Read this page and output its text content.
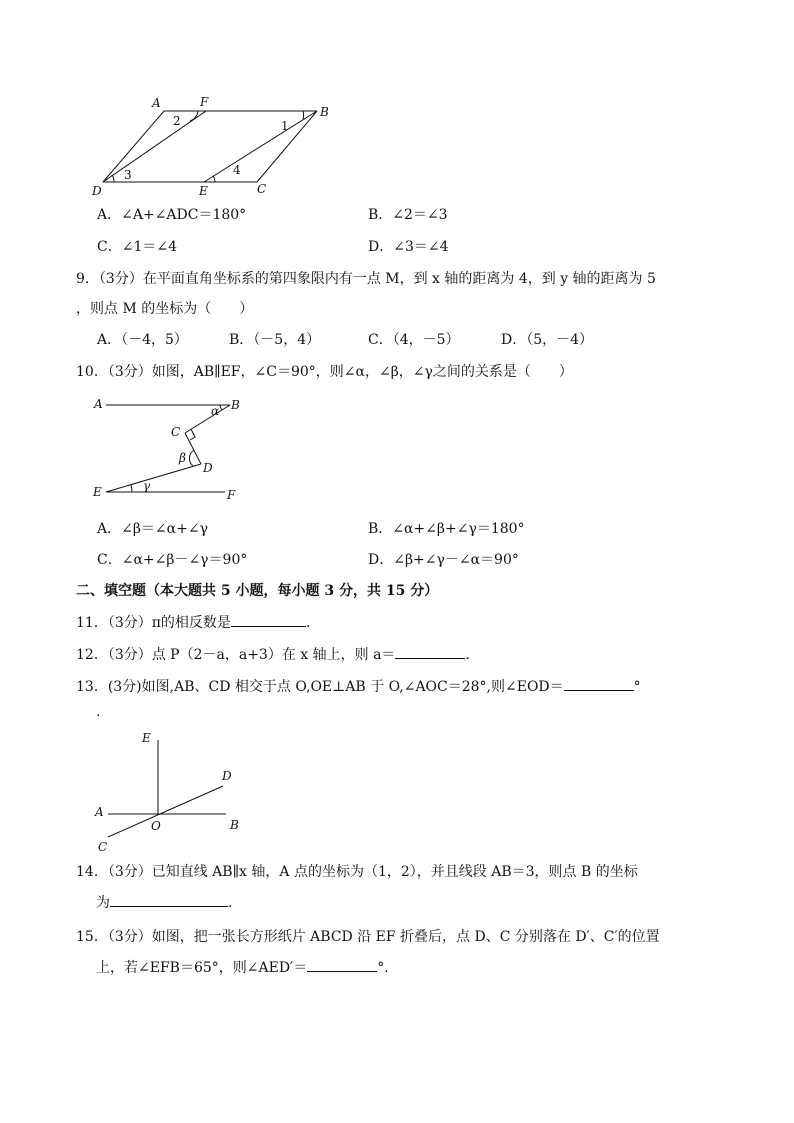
A	F
B
D	E	C
2	1
3	4
A．∠A+∠ADC＝180°	B．∠2＝∠3
C．∠1＝∠4	D．∠3＝∠4
9．（3分）在平面直角坐标系的第四象限内有一点 M，到 x 轴的距离为 4，到 y 轴的距离为 5
，则点 M 的坐标为（　　）
A．（－4，5）	B．（－5，4）	C．（4，－5）	D．（5，－4）
10．（3分）如图，AB∥EF，∠C＝90°，则∠α，∠β，∠γ之间的关系是（　　）
A	B
C
D
E	F
α
β
γ
A．∠β＝∠α+∠γ	B．∠α+∠β+∠γ＝180°
C．∠α+∠β－∠γ＝90°	D．∠β+∠γ－∠α＝90°
二、填空题（本大题共 5 小题，每小题 3 分，共 15 分）
11．（3分）π的相反数是	.
12．（3分）点 P（2－a，a+3）在 x 轴上，则 a＝	.
13．(3分)如图,AB、CD 相交于点 O,OE⊥AB 于 O,∠AOC＝28°,则∠EOD＝	°
.
E
D
A
O	B
C
14．（3分）已知直线 AB∥x 轴，A 点的坐标为（1，2），并且线段 AB＝3，则点 B 的坐标
为	.
15．（3分）如图，把一张长方形纸片 ABCD 沿 EF 折叠后，点 D、C 分别落在 D′、C′的位置
上，若∠EFB＝65°，则∠AED′＝	°．
